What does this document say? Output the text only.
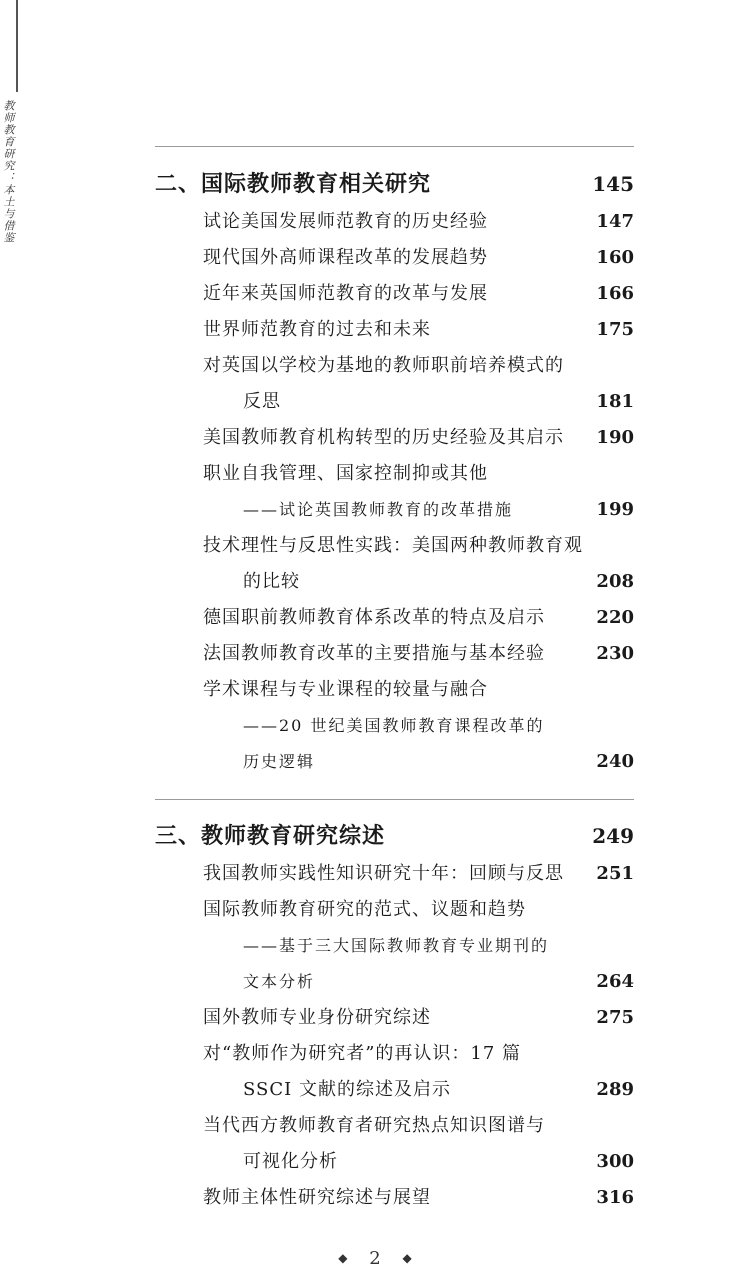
教师教育研究：本土与借鉴	二、国际教师教育相关研究	145
试论美国发展师范教育的历史经验	147
现代国外高师课程改革的发展趋势	160
近年来英国师范教育的改革与发展	166
世界师范教育的过去和未来	175
对英国以学校为基地的教师职前培养模式的
反思	181
美国教师教育机构转型的历史经验及其启示 190
职业自我管理、国家控制抑或其他
——试论英国教师教育的改革措施	199
技术理性与反思性实践：美国两种教师教育观
的比较	208
德国职前教师教育体系改革的特点及启示	220
法国教师教育改革的主要措施与基本经验	230
学术课程与专业课程的较量与融合
——20 世纪美国教师教育课程改革的
历史逻辑	240
三、教师教育研究综述	249
我国教师实践性知识研究十年：回顾与反思 251
国际教师教育研究的范式、议题和趋势
——基于三大国际教师教育专业期刊的
文本分析	264
国外教师专业身份研究综述	275
对“教师作为研究者”的再认识：17 篇
SSCI 文献的综述及启示	289
当代西方教师教育者研究热点知识图谱与
可视化分析	300
教师主体性研究综述与展望	316
◆ 2 ◆
